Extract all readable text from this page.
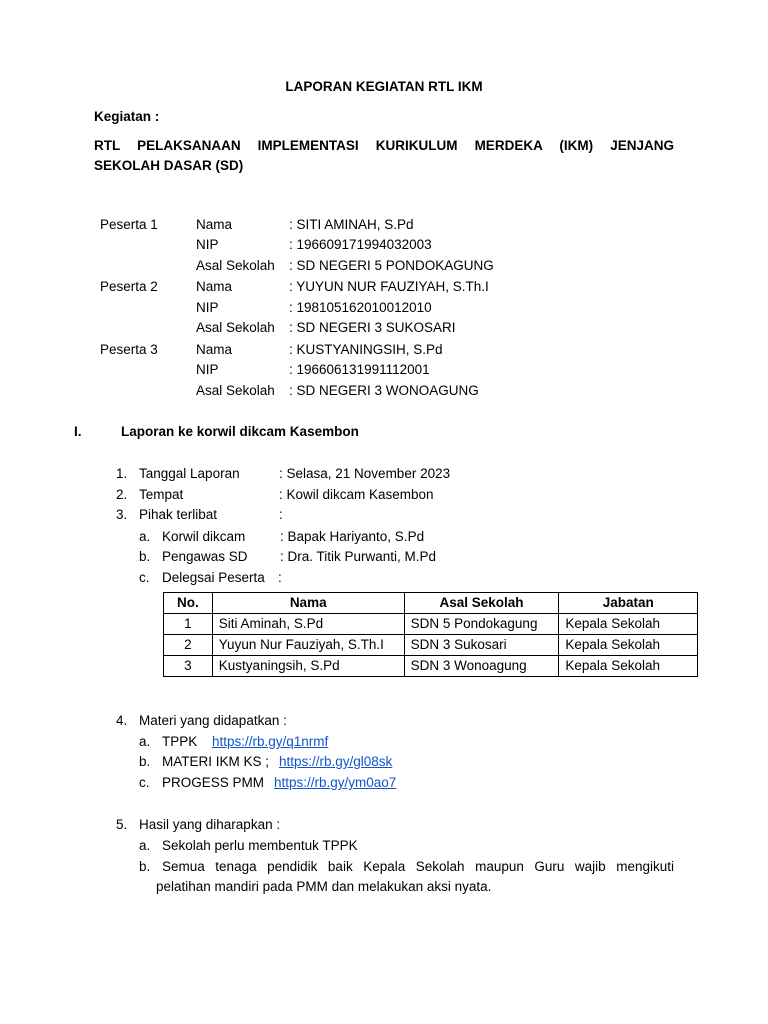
LAPORAN KEGIATAN RTL IKM
Kegiatan :
RTL PELAKSANAAN IMPLEMENTASI KURIKULUM MERDEKA (IKM) JENJANG
SEKOLAH DASAR (SD)
Peserta 1	Nama	: SITI AMINAH, S.Pd
NIP	: 196609171994032003
Asal Sekolah : SD NEGERI 5 PONDOKAGUNG
Peserta 2	Nama	: YUYUN NUR FAUZIYAH, S.Th.I
NIP	: 198105162010012010
Asal Sekolah : SD NEGERI 3 SUKOSARI
Peserta 3	Nama	: KUSTYANINGSIH, S.Pd
NIP	: 196606131991112001
Asal Sekolah : SD NEGERI 3 WONOAGUNG
I.	Laporan ke korwil dikcam Kasembon
1. Tanggal Laporan	: Selasa, 21 November 2023
2. Tempat	: Kowil dikcam Kasembon
3. Pihak terlibat	:
a. Korwil dikcam	: Bapak Hariyanto, S.Pd
b. Pengawas SD : Dra. Titik Purwanti, M.Pd
c. Delegsai Peserta :
No.	Nama	Asal Sekolah	Jabatan
1	Siti Aminah, S.Pd	SDN 5 Pondokagung	Kepala Sekolah
2	Yuyun Nur Fauziyah, S.Th.I	SDN 3 Sukosari	Kepala Sekolah
3	Kustyaningsih, S.Pd	SDN 3 Wonoagung	Kepala Sekolah
4. Materi yang didapatkan :
a. TPPK https://rb.gy/q1nrmf
b. MATERI IKM KS ; https://rb.gy/gl08sk
c. PROGESS PMM https://rb.gy/ym0ao7
5. Hasil yang diharapkan :
a. Sekolah perlu membentuk TPPK
b. Semua tenaga pendidik baik Kepala Sekolah maupun Guru wajib mengikuti
pelatihan mandiri pada PMM dan melakukan aksi nyata.
